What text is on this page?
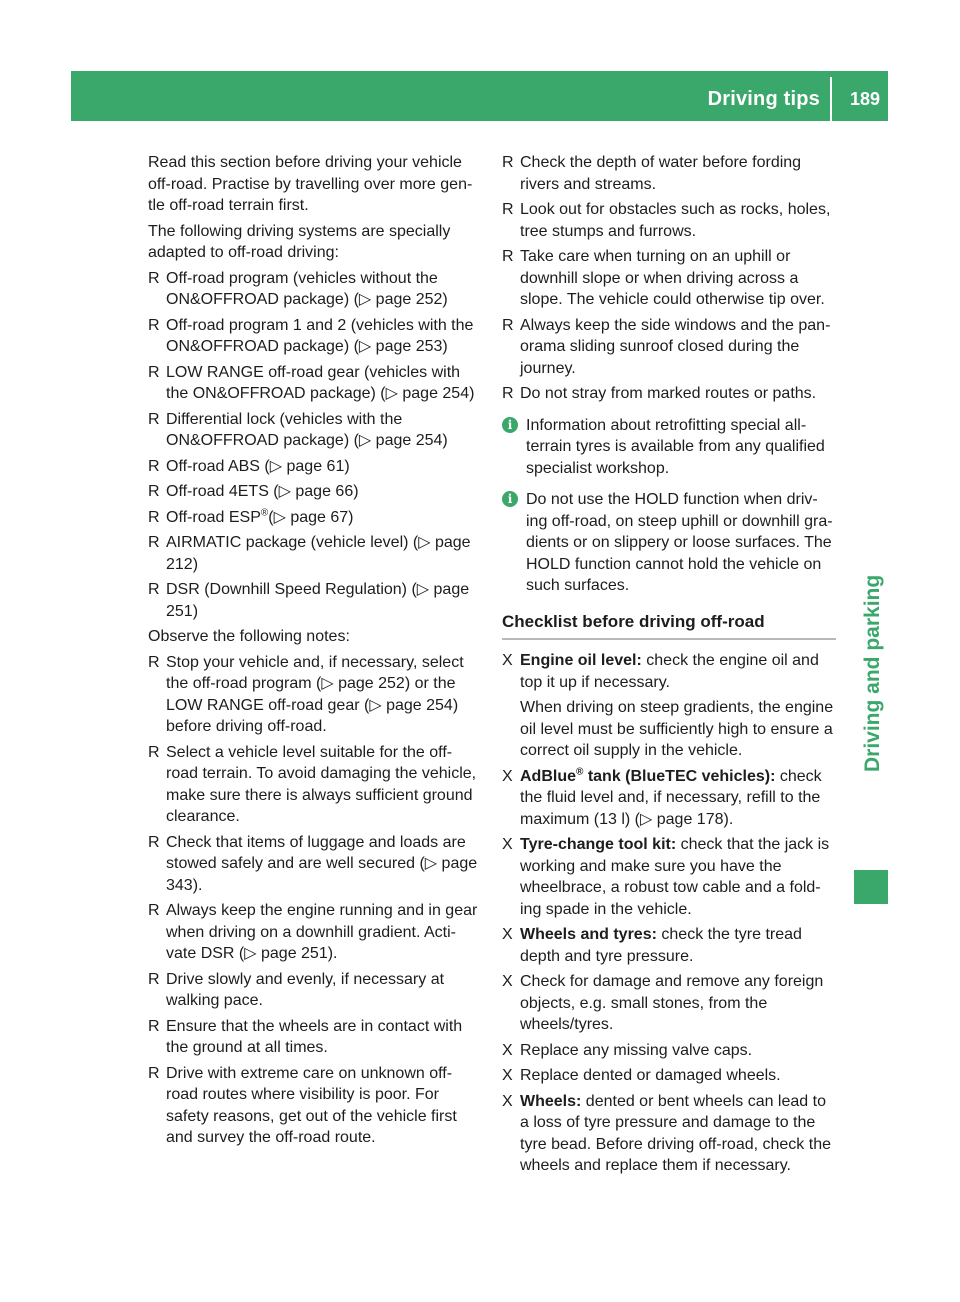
Driving tips 189
Driving and parking

Read this section before driving your vehicle off-road. Practise by travelling over more gen-tle off-road terrain first.

The following driving systems are specially adapted to off-road driving:

R Off-road program (vehicles without the ON&OFFROAD package) (▷ page 252)
R Off-road program 1 and 2 (vehicles with the ON&OFFROAD package) (▷ page 253)
R LOW RANGE off-road gear (vehicles with the ON&OFFROAD package) (▷ page 254)
R Differential lock (vehicles with the ON&OFFROAD package) (▷ page 254)
R Off-road ABS (▷ page 61)
R Off-road 4ETS (▷ page 66)
R Off-road ESP®(▷ page 67)
R AIRMATIC package (vehicle level) (▷ page 212)
R DSR (Downhill Speed Regulation) (▷ page 251)

Observe the following notes:

R Stop your vehicle and, if necessary, select the off-road program (▷ page 252) or the LOW RANGE off-road gear (▷ page 254) before driving off-road.
R Select a vehicle level suitable for the off-road terrain. To avoid damaging the vehicle, make sure there is always sufficient ground clearance.
R Check that items of luggage and loads are stowed safely and are well secured (▷ page 343).
R Always keep the engine running and in gear when driving on a downhill gradient. Acti-vate DSR (▷ page 251).
R Drive slowly and evenly, if necessary at walking pace.
R Ensure that the wheels are in contact with the ground at all times.
R Drive with extreme care on unknown off-road routes where visibility is poor. For safety reasons, get out of the vehicle first and survey the off-road route.
R Check the depth of water before fording rivers and streams.
R Look out for obstacles such as rocks, holes, tree stumps and furrows.
R Take care when turning on an uphill or downhill slope or when driving across a slope. The vehicle could otherwise tip over.
R Always keep the side windows and the pan-orama sliding sunroof closed during the journey.
R Do not stray from marked routes or paths.
i Information about retrofitting special all-terrain tyres is available from any qualified specialist workshop.
i Do not use the HOLD function when driv-ing off-road, on steep uphill or downhill gra-dients or on slippery or loose surfaces. The HOLD function cannot hold the vehicle on such surfaces.
Checklist before driving off-road
X Engine oil level: check the engine oil and top it up if necessary.

When driving on steep gradients, the engine oil level must be sufficiently high to ensure a correct oil supply in the vehicle.

X AdBlue® tank (BlueTEC vehicles): check the fluid level and, if necessary, refill to the maximum (13 l) (▷ page 178).
X Tyre-change tool kit: check that the jack is working and make sure you have the wheelbrace, a robust tow cable and a fold-ing spade in the vehicle.
X Wheels and tyres: check the tyre tread depth and tyre pressure.
X Check for damage and remove any foreign objects, e.g. small stones, from the wheels/tyres.
X Replace any missing valve caps.
X Replace dented or damaged wheels.
X Wheels: dented or bent wheels can lead to a loss of tyre pressure and damage to the tyre bead. Before driving off-road, check the wheels and replace them if necessary.
